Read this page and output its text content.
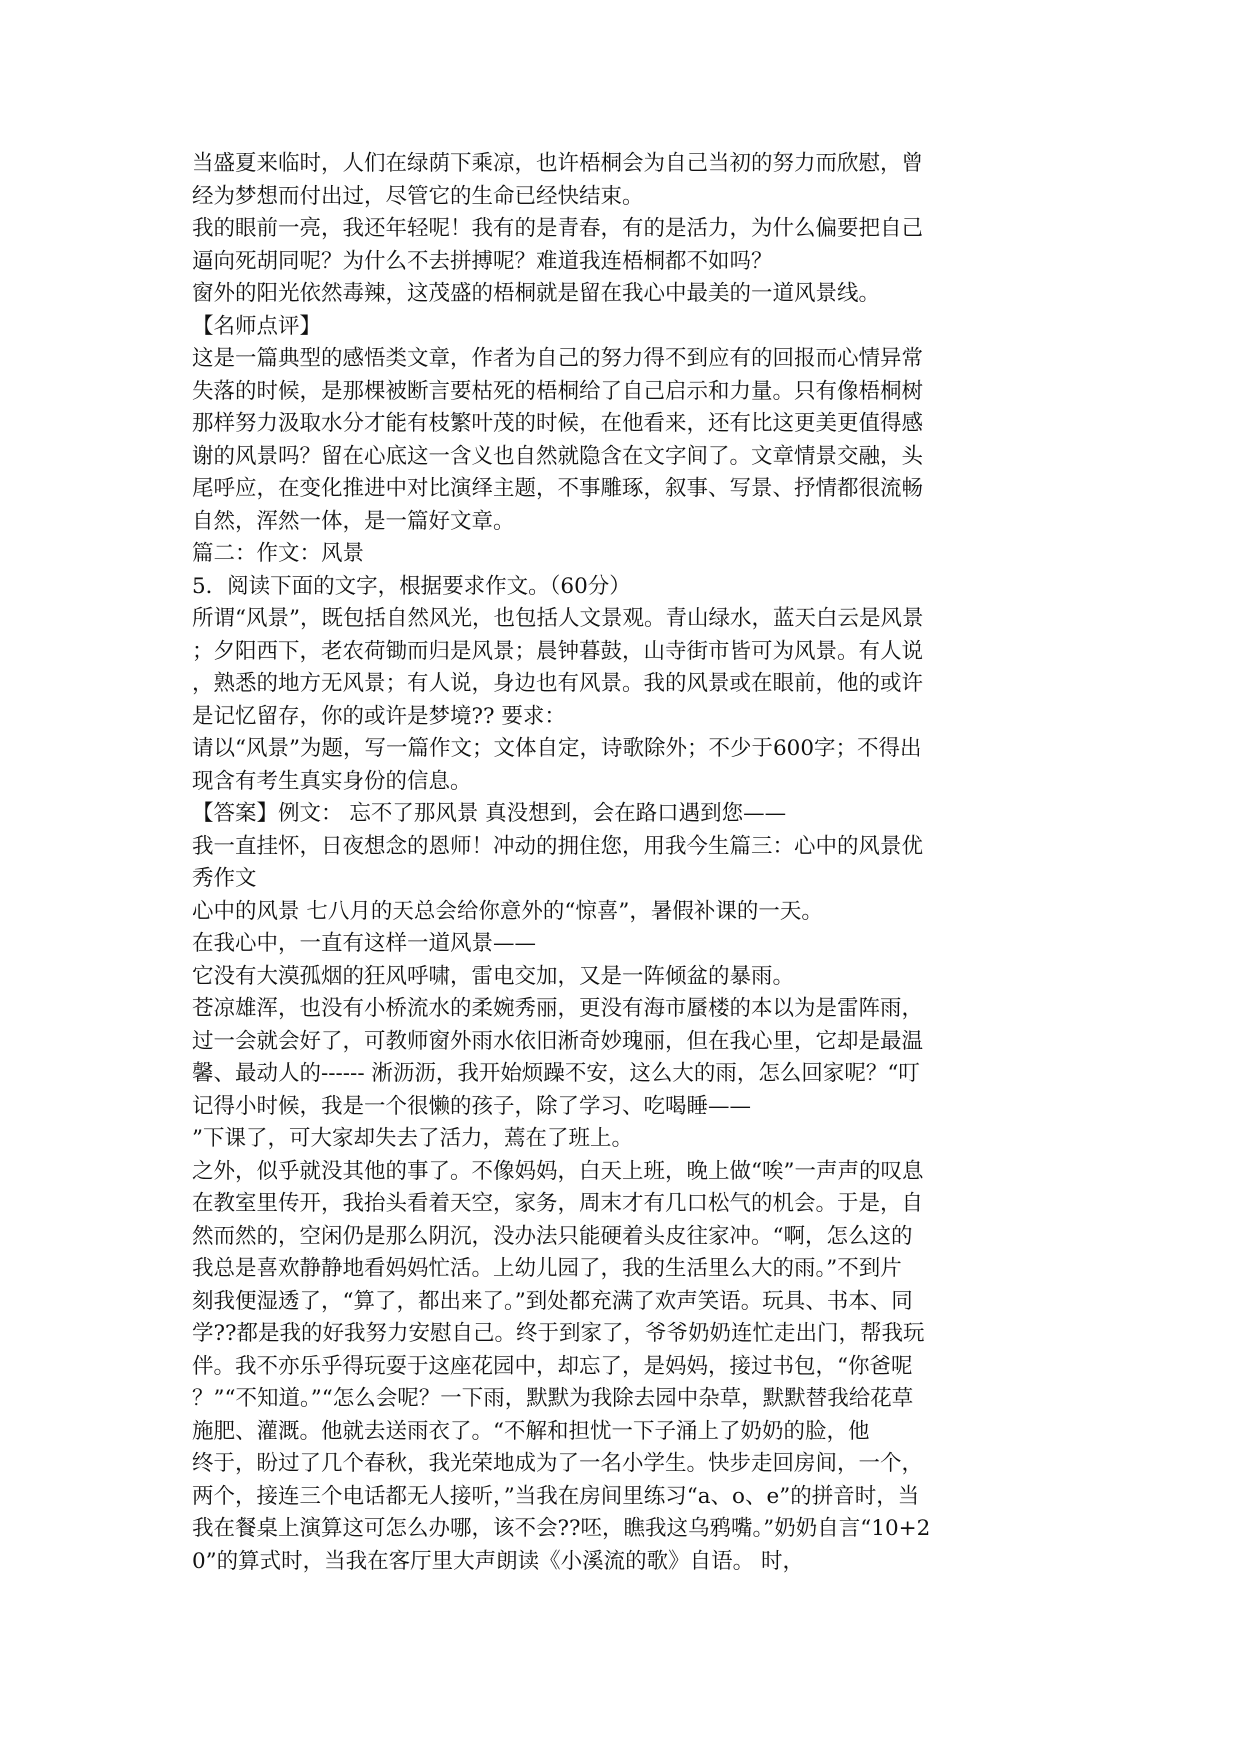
当盛夏来临时，人们在绿荫下乘凉，也许梧桐会为自己当初的努力而欣慰，曾
经为梦想而付出过，尽管它的生命已经快结束。
我的眼前一亮，我还年轻呢！我有的是青春，有的是活力，为什么偏要把自己
逼向死胡同呢？为什么不去拼搏呢？难道我连梧桐都不如吗？
窗外的阳光依然毒辣，这茂盛的梧桐就是留在我心中最美的一道风景线。
【名师点评】
这是一篇典型的感悟类文章，作者为自己的努力得不到应有的回报而心情异常
失落的时候，是那棵被断言要枯死的梧桐给了自己启示和力量。只有像梧桐树
那样努力汲取水分才能有枝繁叶茂的时候，在他看来，还有比这更美更值得感
谢的风景吗？留在心底这一含义也自然就隐含在文字间了。文章情景交融，头
尾呼应，在变化推进中对比演绎主题，不事雕琢，叙事、写景、抒情都很流畅
自然，浑然一体，是一篇好文章。
篇二：作文：风景
5．阅读下面的文字，根据要求作文。（60分）
所谓“风景”，既包括自然风光，也包括人文景观。青山绿水，蓝天白云是风景
；夕阳西下，老农荷锄而归是风景；晨钟暮鼓，山寺街市皆可为风景。有人说
，熟悉的地方无风景；有人说，身边也有风景。我的风景或在眼前，他的或许
是记忆留存，你的或许是梦境?? 要求：
请以“风景”为题，写一篇作文；文体自定，诗歌除外；不少于600字；不得出
现含有考生真实身份的信息。
【答案】例文： 忘不了那风景 真没想到，会在路口遇到您——
我一直挂怀，日夜想念的恩师！冲动的拥住您，用我今生篇三：心中的风景优
秀作文
心中的风景 七八月的天总会给你意外的“惊喜”，暑假补课的一天。
在我心中，一直有这样一道风景——
它没有大漠孤烟的狂风呼啸，雷电交加，又是一阵倾盆的暴雨。
苍凉雄浑，也没有小桥流水的柔婉秀丽，更没有海市蜃楼的本以为是雷阵雨，
过一会就会好了，可教师窗外雨水依旧淅奇妙瑰丽，但在我心里，它却是最温
馨、最动人的------ 淅沥沥，我开始烦躁不安，这么大的雨，怎么回家呢？“叮
记得小时候，我是一个很懒的孩子，除了学习、吃喝睡——
”下课了，可大家却失去了活力，蔫在了班上。
之外，似乎就没其他的事了。不像妈妈，白天上班，晚上做“唉”一声声的叹息
在教室里传开，我抬头看着天空，家务，周末才有几口松气的机会。于是，自
然而然的，空闲仍是那么阴沉，没办法只能硬着头皮往家冲。“啊，怎么这的
我总是喜欢静静地看妈妈忙活。上幼儿园了，我的生活里么大的雨。”不到片
刻我便湿透了，“算了，都出来了。”到处都充满了欢声笑语。玩具、书本、同
学??都是我的好我努力安慰自己。终于到家了，爷爷奶奶连忙走出门，帮我玩
伴。我不亦乐乎得玩耍于这座花园中，却忘了，是妈妈，接过书包，“你爸呢
？”“不知道。”“怎么会呢？一下雨，默默为我除去园中杂草，默默替我给花草
施肥、灌溉。他就去送雨衣了。“不解和担忧一下子涌上了奶奶的脸，他
终于，盼过了几个春秋，我光荣地成为了一名小学生。快步走回房间，一个，
两个，接连三个电话都无人接听，”当我在房间里练习“a、o、e”的拼音时，当
我在餐桌上演算这可怎么办哪，该不会??呸，瞧我这乌鸦嘴。”奶奶自言“10+2
0”的算式时，当我在客厅里大声朗读《小溪流的歌》自语。 时，
